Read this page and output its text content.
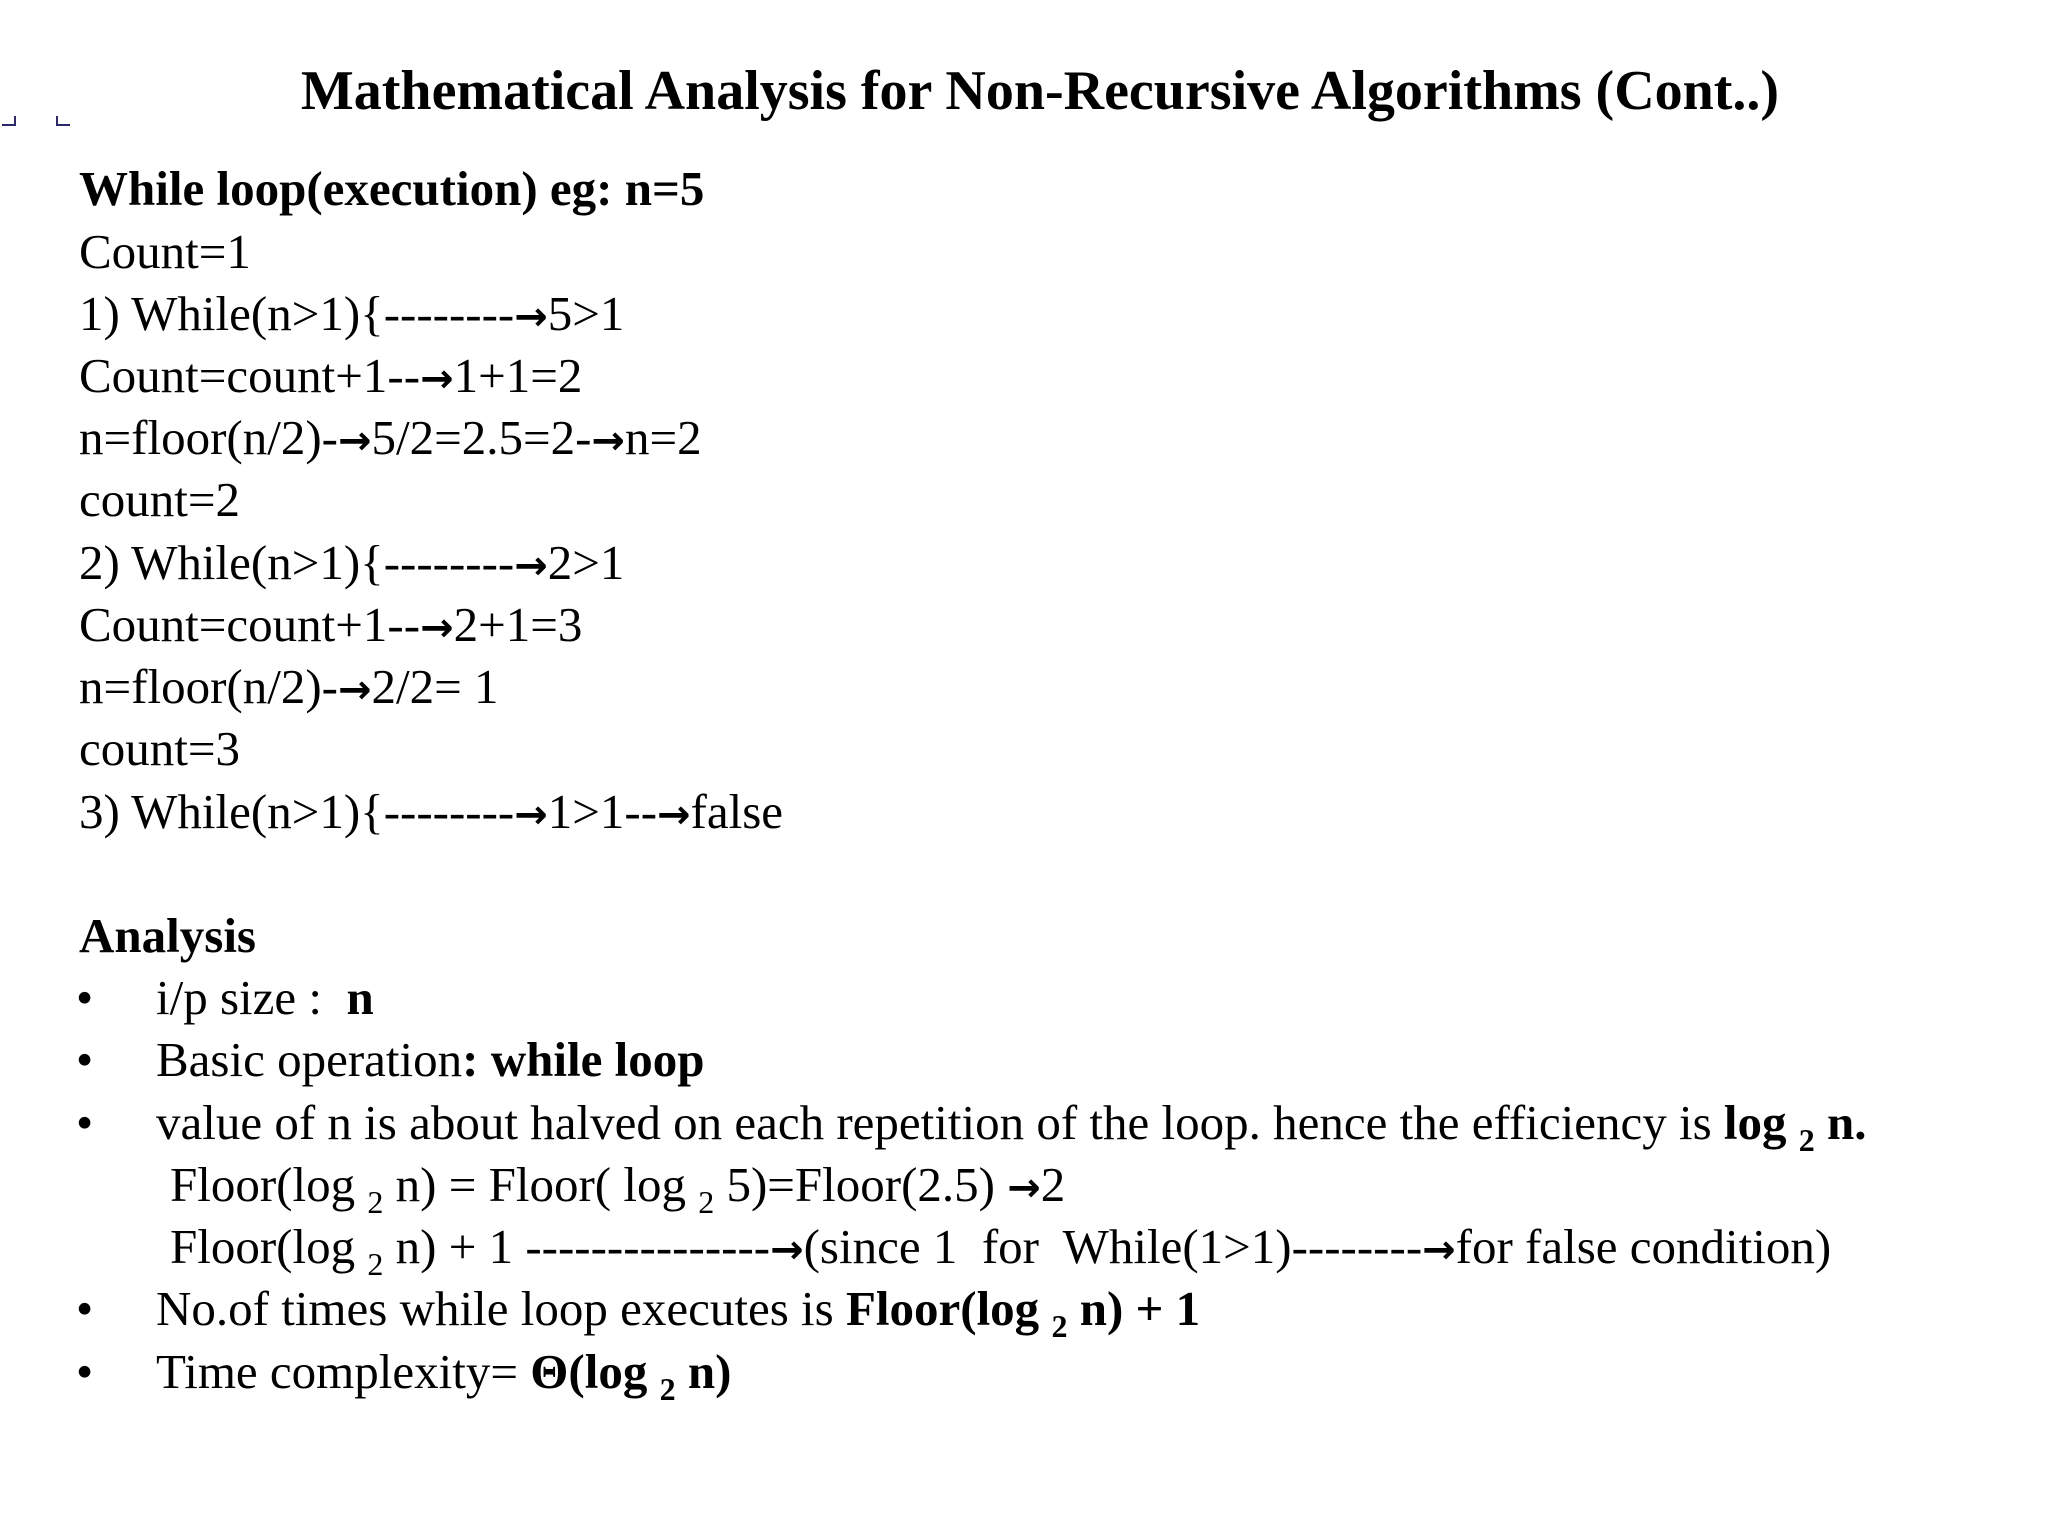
Mathematical Analysis for Non-Recursive Algorithms (Cont..)
While loop(execution) eg: n=5
Count=1
1) While(n>1){--------→5>1
Count=count+1--→1+1=2
n=floor(n/2)-→5/2=2.5=2-→n=2
count=2
2) While(n>1){--------→2>1
Count=count+1--→2+1=3
n=floor(n/2)-→2/2= 1
count=3
3) While(n>1){--------→1>1--→false
Analysis
• i/p size :  n
• Basic operation: while loop
• value of n is about halved on each repetition of the loop. hence the efficiency is log $_2$ n.
Floor(log $_2$ n) = Floor( log $_2$ 5)=Floor(2.5) →2
Floor(log $_2$ n) + 1 ---------------→(since 1  for  While(1>1)--------→for false condition)
• No.of times while loop executes is Floor(log $_2$ n) + 1
• Time complexity= Θ(log $_2$ n)
